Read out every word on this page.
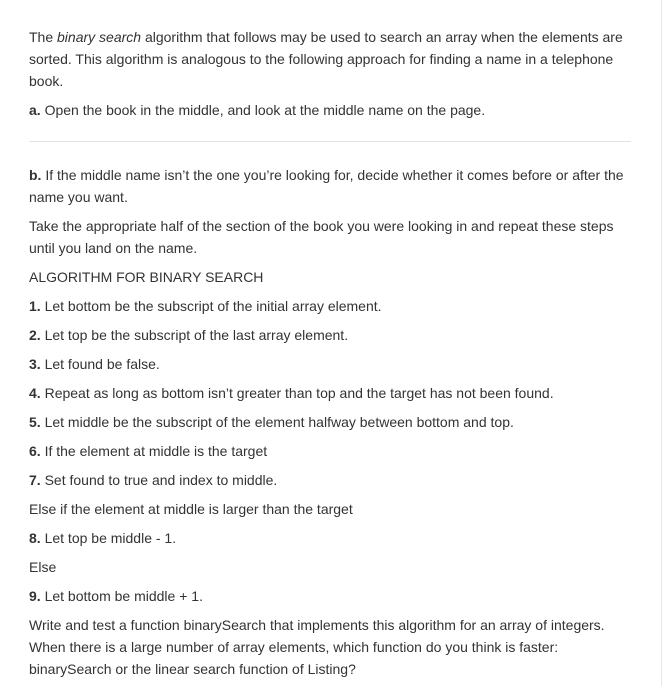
The binary search algorithm that follows may be used to search an array when the elements are sorted. This algorithm is analogous to the following approach for finding a name in a telephone book.

a. Open the book in the middle, and look at the middle name on the page.

b. If the middle name isn’t the one you’re looking for, decide whether it comes before or after the name you want.

Take the appropriate half of the section of the book you were looking in and repeat these steps until you land on the name.

ALGORITHM FOR BINARY SEARCH

1. Let bottom be the subscript of the initial array element.

2. Let top be the subscript of the last array element.

3. Let found be false.

4. Repeat as long as bottom isn’t greater than top and the target has not been found.

5. Let middle be the subscript of the element halfway between bottom and top.

6. If the element at middle is the target

7. Set found to true and index to middle.

Else if the element at middle is larger than the target

8. Let top be middle - 1.

Else

9. Let bottom be middle + 1.

Write and test a function binarySearch that implements this algorithm for an array of integers. When there is a large number of array elements, which function do you think is faster: binarySearch or the linear search function of Listing?
